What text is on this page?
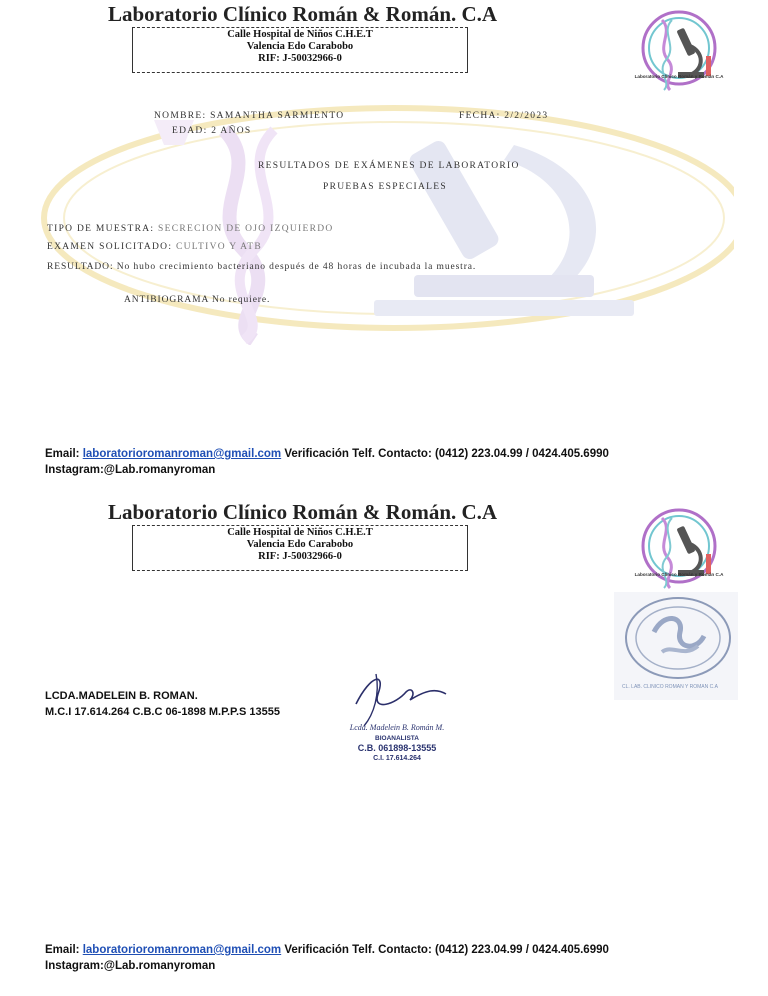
Laboratorio Clínico Román & Román. C.A
Calle Hospital de Niños C.H.E.T
Valencia Edo Carabobo
RIF: J-50032966-0
Laboratorio Clínico Román y Román C.A
NOMBRE: SAMANTHA SARMIENTO	FECHA: 2/2/2023
EDAD: 2 AÑOS
RESULTADOS DE EXÁMENES DE LABORATORIO
PRUEBAS ESPECIALES
TIPO DE MUESTRA: SECRECION DE OJO IZQUIERDO
EXAMEN SOLICITADO: CULTIVO Y ATB
RESULTADO: No hubo crecimiento bacteriano después de 48 horas de incubada la muestra.
ANTIBIOGRAMA No requiere.
Email: laboratorioromanroman@gmail.com Verificación Telf. Contacto: (0412) 223.04.99 / 0424.405.6990
Instagram:@Lab.romanyroman
Laboratorio Clínico Román & Román. C.A
Calle Hospital de Niños C.H.E.T
Valencia Edo Carabobo
RIF: J-50032966-0
Laboratorio Clínico Román y Román C.A
CL. LAB. CLINICO ROMAN Y ROMAN C.A
LCDA.MADELEIN B. ROMAN.
M.C.I 17.614.264 C.B.C 06-1898 M.P.P.S 13555
Lcda. Madelein B. Román M.
BIOANALISTA
C.B. 061898-13555
C.I. 17.614.264
Email: laboratorioromanroman@gmail.com Verificación Telf. Contacto: (0412) 223.04.99 / 0424.405.6990
Instagram:@Lab.romanyroman
